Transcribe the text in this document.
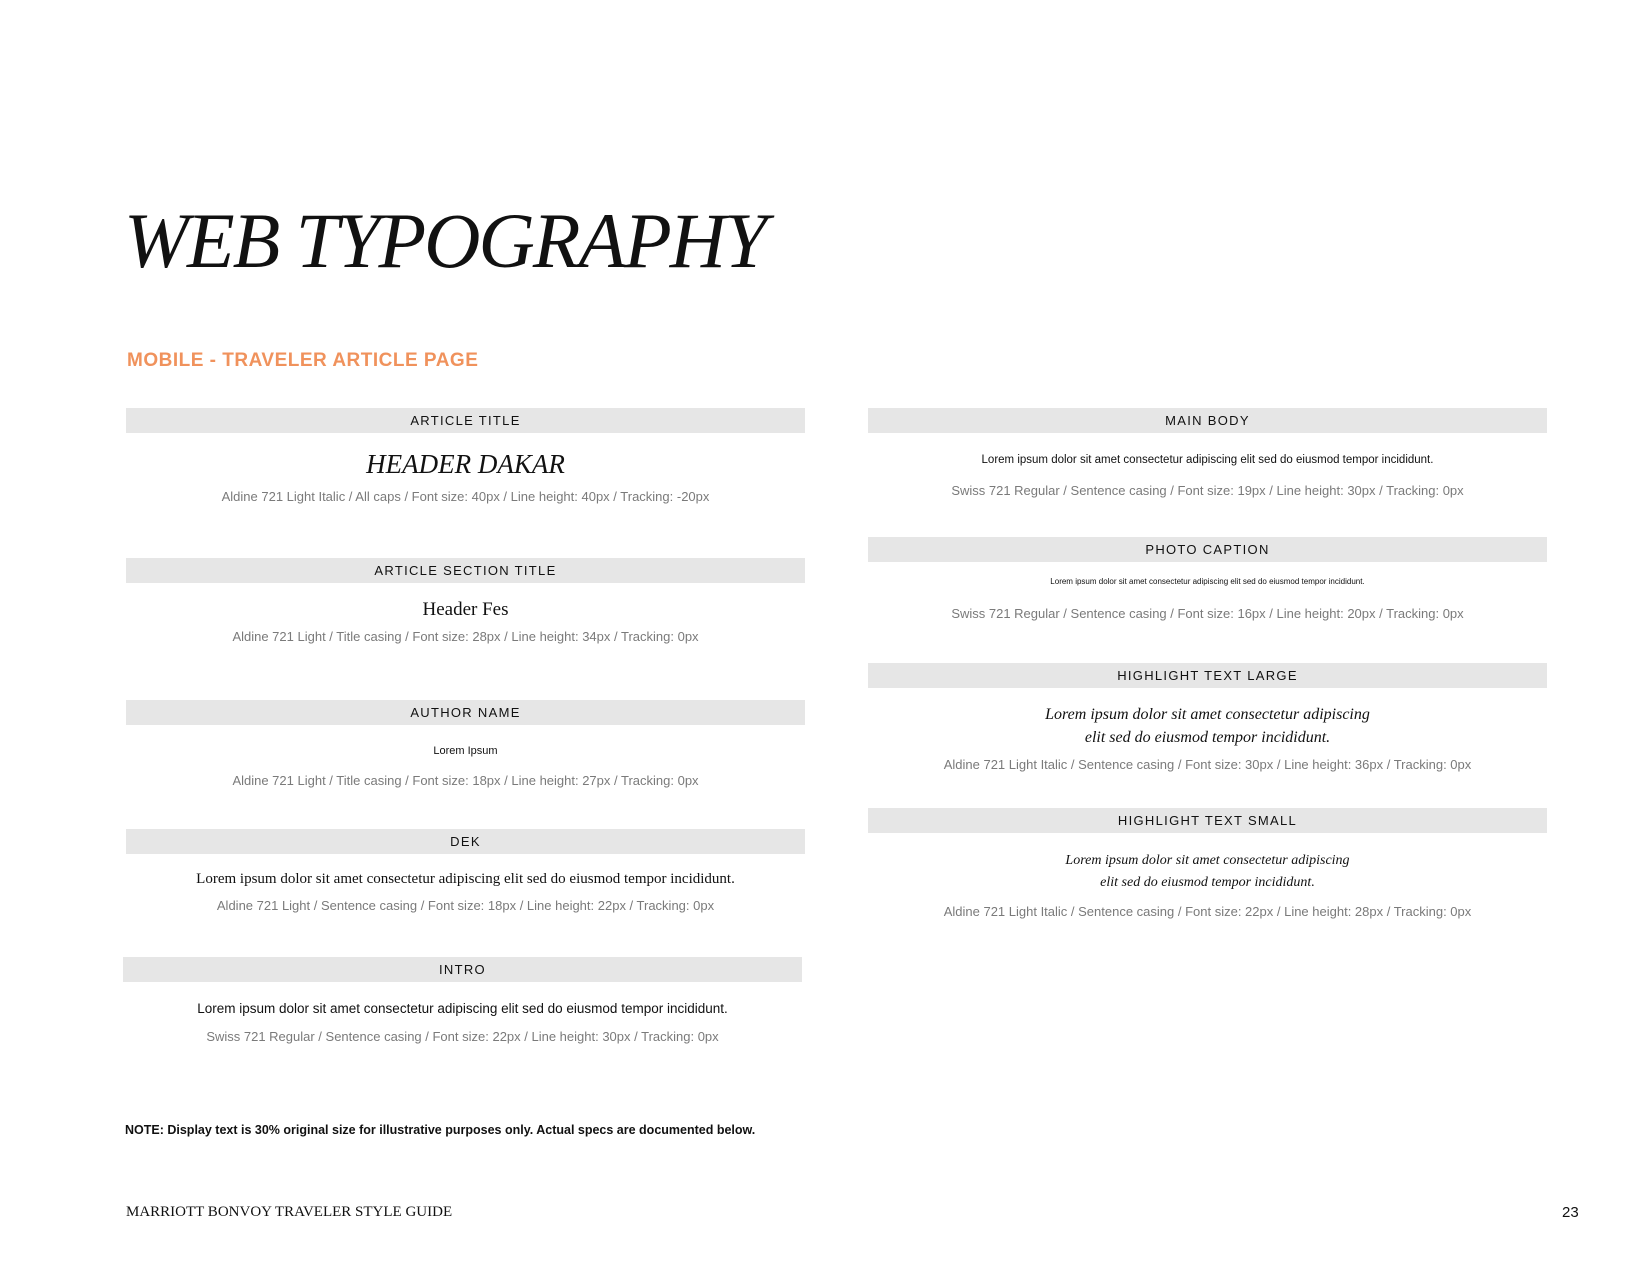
WEB TYPOGRAPHY
MOBILE - TRAVELER ARTICLE PAGE
ARTICLE TITLE
HEADER DAKAR
Aldine 721 Light Italic / All caps / Font size: 40px / Line height: 40px / Tracking: -20px
ARTICLE SECTION TITLE
Header Fes
Aldine 721 Light / Title casing / Font size: 28px / Line height: 34px / Tracking: 0px
AUTHOR NAME
Lorem Ipsum
Aldine 721 Light / Title casing / Font size: 18px / Line height: 27px / Tracking: 0px
DEK
Lorem ipsum dolor sit amet consectetur adipiscing elit sed do eiusmod tempor incididunt.
Aldine 721 Light / Sentence casing / Font size: 18px / Line height: 22px / Tracking: 0px
INTRO
Lorem ipsum dolor sit amet consectetur adipiscing elit sed do eiusmod tempor incididunt.
Swiss 721 Regular / Sentence casing / Font size: 22px / Line height: 30px / Tracking: 0px
MAIN BODY
Lorem ipsum dolor sit amet consectetur adipiscing elit sed do eiusmod tempor incididunt.
Swiss 721 Regular / Sentence casing / Font size: 19px / Line height: 30px / Tracking: 0px
PHOTO CAPTION
Lorem ipsum dolor sit amet consectetur adipiscing elit sed do eiusmod tempor incididunt.
Swiss 721 Regular / Sentence casing / Font size: 16px / Line height: 20px / Tracking: 0px
HIGHLIGHT TEXT LARGE
Lorem ipsum dolor sit amet consectetur adipiscing
elit sed do eiusmod tempor incididunt.
Aldine 721 Light Italic / Sentence casing / Font size: 30px / Line height: 36px / Tracking: 0px
HIGHLIGHT TEXT SMALL
Lorem ipsum dolor sit amet consectetur adipiscing
elit sed do eiusmod tempor incididunt.
Aldine 721 Light Italic / Sentence casing / Font size: 22px / Line height: 28px / Tracking: 0px
NOTE: Display text is 30% original size for illustrative purposes only. Actual specs are documented below.
MARRIOTT BONVOY TRAVELER STYLE GUIDE	23
